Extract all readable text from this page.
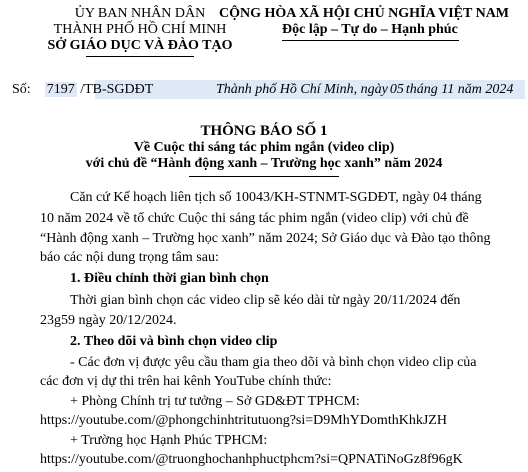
ỦY BAN NHÂN DÂN
THÀNH PHỐ HỒ CHÍ MINH
SỞ GIÁO DỤC VÀ ĐÀO TẠO
CỘNG HÒA XÃ HỘI CHỦ NGHĨA VIỆT NAM
Độc lập – Tự do – Hạnh phúc
Số: 7197 /TB-SGDĐT	Thành phố Hồ Chí Minh, ngày 05 tháng 11 năm 2024
THÔNG BÁO SỐ 1
Về Cuộc thi sáng tác phim ngắn (video clip)
với chủ đề “Hành động xanh – Trường học xanh” năm 2024
Căn cứ Kế hoạch liên tịch số 10043/KH-STNMT-SGDĐT, ngày 04 tháng
10 năm 2024 về tổ chức Cuộc thi sáng tác phim ngắn (video clip) với chủ đề
“Hành động xanh – Trường học xanh” năm 2024; Sở Giáo dục và Đào tạo thông
báo các nội dung trọng tâm sau:
1. Điều chỉnh thời gian bình chọn
Thời gian bình chọn các video clip sẽ kéo dài từ ngày 20/11/2024 đến
23g59 ngày 20/12/2024.
2. Theo dõi và bình chọn video clip
- Các đơn vị được yêu cầu tham gia theo dõi và bình chọn video clip của
các đơn vị dự thi trên hai kênh YouTube chính thức:
+ Phòng Chính trị tư tưởng – Sở GD&ĐT TPHCM:
https://youtube.com/@phongchinhtritutuong?si=D9MhYDomthKhkJZH
+ Trường học Hạnh Phúc TPHCM:
https://youtube.com/@truonghochanhphuctphcm?si=QPNATiNoGz8f96gK
